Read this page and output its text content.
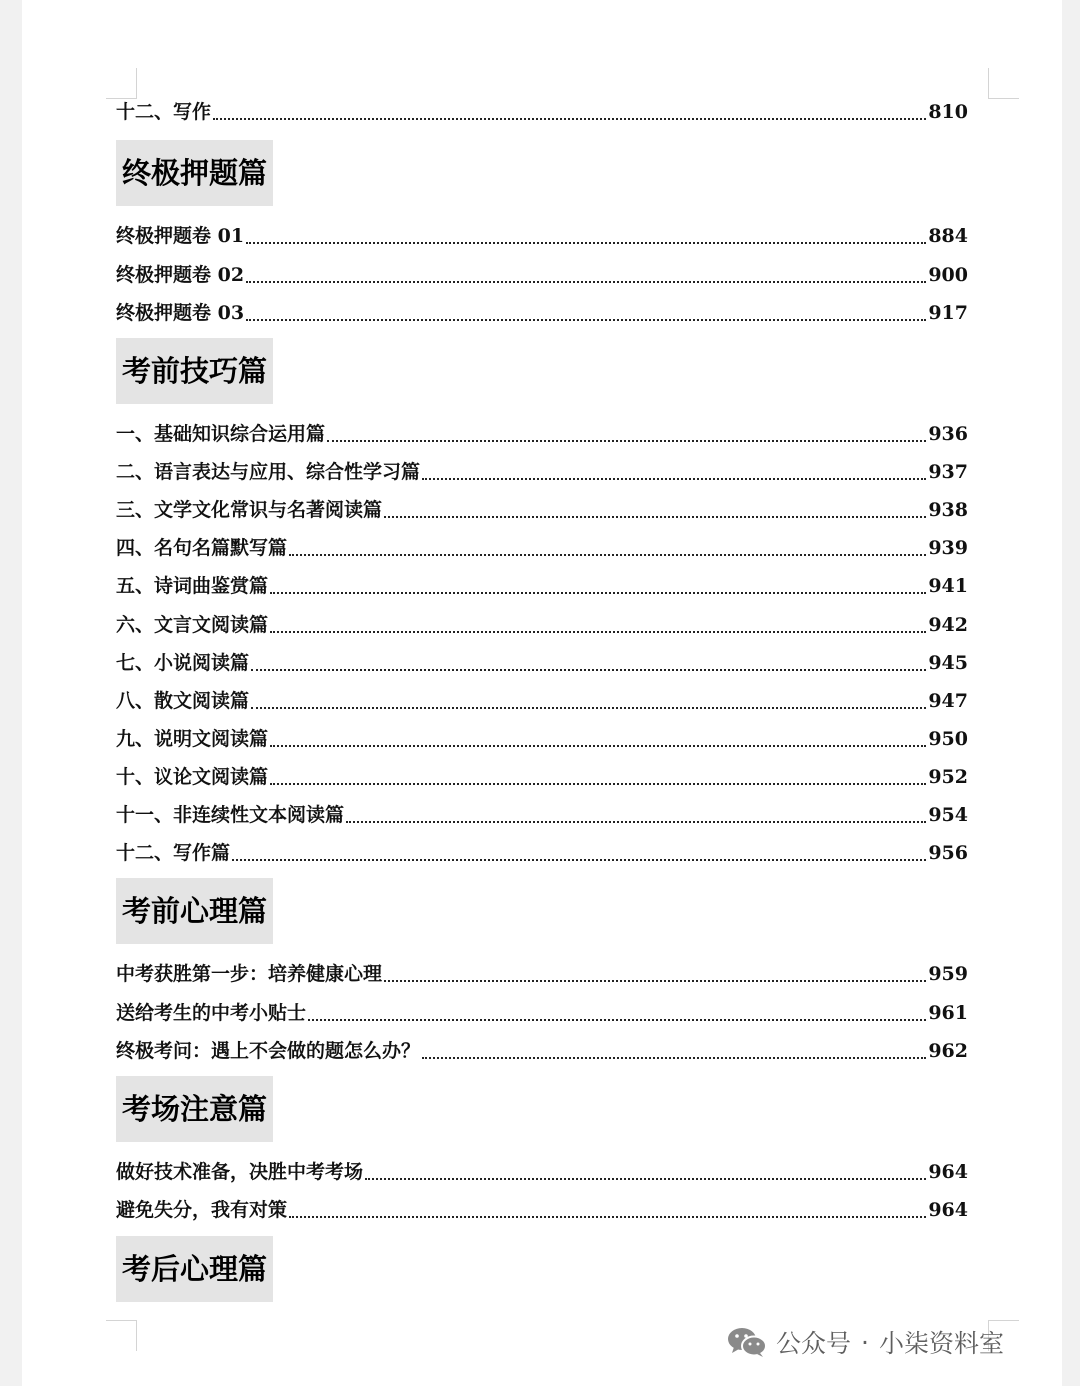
十二、写作	810
终极押题篇
终极押题卷 01	884
终极押题卷 02	900
终极押题卷 03	917
考前技巧篇
一、基础知识综合运用篇	936
二、语言表达与应用、综合性学习篇	937
三、文学文化常识与名著阅读篇	938
四、名句名篇默写篇	939
五、诗词曲鉴赏篇	941
六、文言文阅读篇	942
七、小说阅读篇	945
八、散文阅读篇	947
九、说明文阅读篇	950
十、议论文阅读篇	952
十一、非连续性文本阅读篇	954
十二、写作篇	956
考前心理篇
中考获胜第一步：培养健康心理	959
送给考生的中考小贴士	961
终极考问：遇上不会做的题怎么办？	962
考场注意篇
做好技术准备，决胜中考考场	964
避免失分，我有对策	964
考后心理篇
公众号 · 小柒资料室
